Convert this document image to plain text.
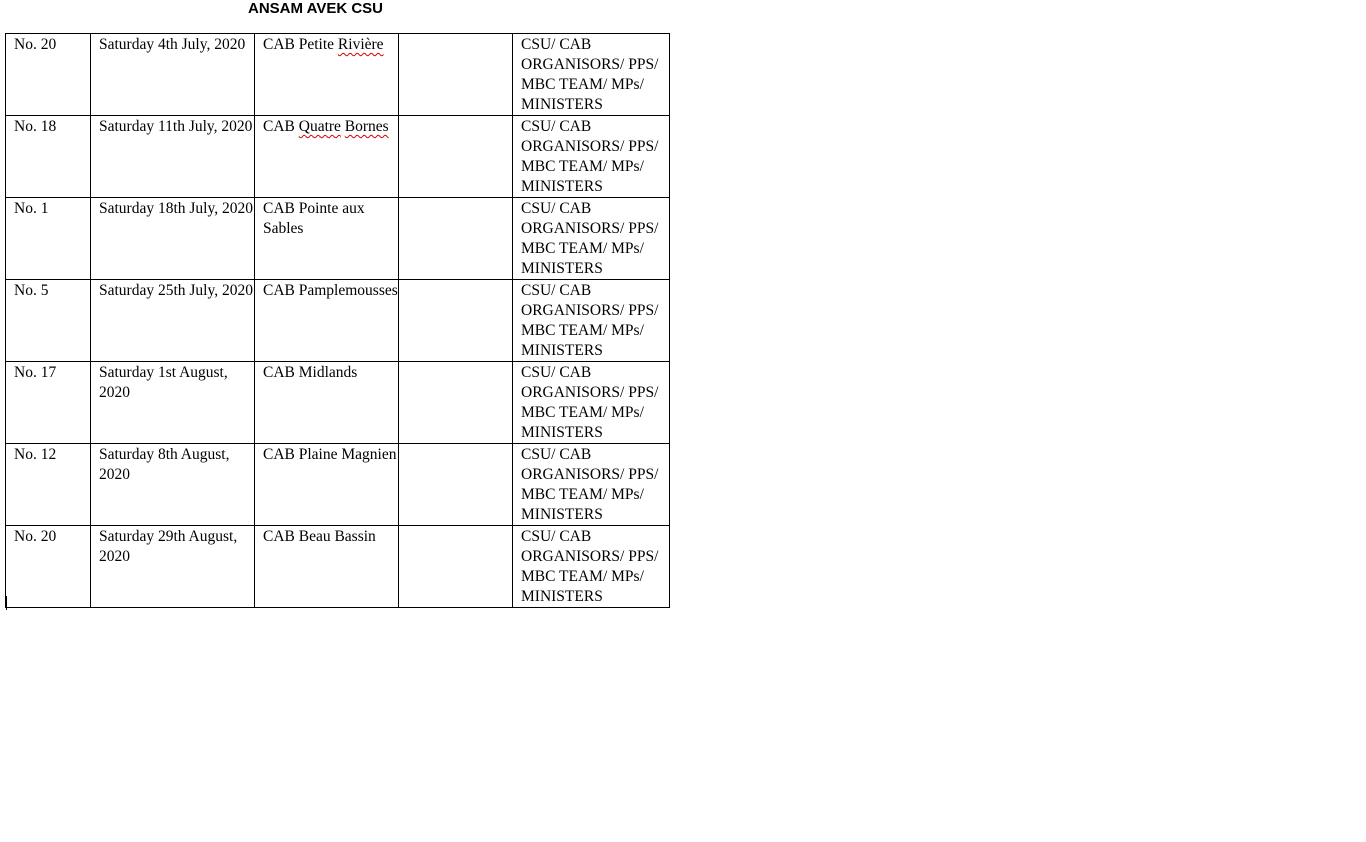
ANSAM AVEK CSU
No. 20	Saturday 4th July, 2020	CAB Petite Rivière		CSU/ CAB ORGANISORS/ PPS/ MBC TEAM/ MPs/ MINISTERS
No. 18	Saturday 11th July, 2020	CAB Quatre Bornes		CSU/ CAB ORGANISORS/ PPS/ MBC TEAM/ MPs/ MINISTERS
No. 1	Saturday 18th July, 2020	CAB Pointe aux Sables		CSU/ CAB ORGANISORS/ PPS/ MBC TEAM/ MPs/ MINISTERS
No. 5	Saturday 25th July, 2020	CAB Pamplemousses		CSU/ CAB ORGANISORS/ PPS/ MBC TEAM/ MPs/ MINISTERS
No. 17	Saturday 1st August, 2020	CAB Midlands		CSU/ CAB ORGANISORS/ PPS/ MBC TEAM/ MPs/ MINISTERS
No. 12	Saturday 8th August, 2020	CAB Plaine Magnien		CSU/ CAB ORGANISORS/ PPS/ MBC TEAM/ MPs/ MINISTERS
No. 20	Saturday 29th August, 2020	CAB Beau Bassin		CSU/ CAB ORGANISORS/ PPS/ MBC TEAM/ MPs/ MINISTERS
